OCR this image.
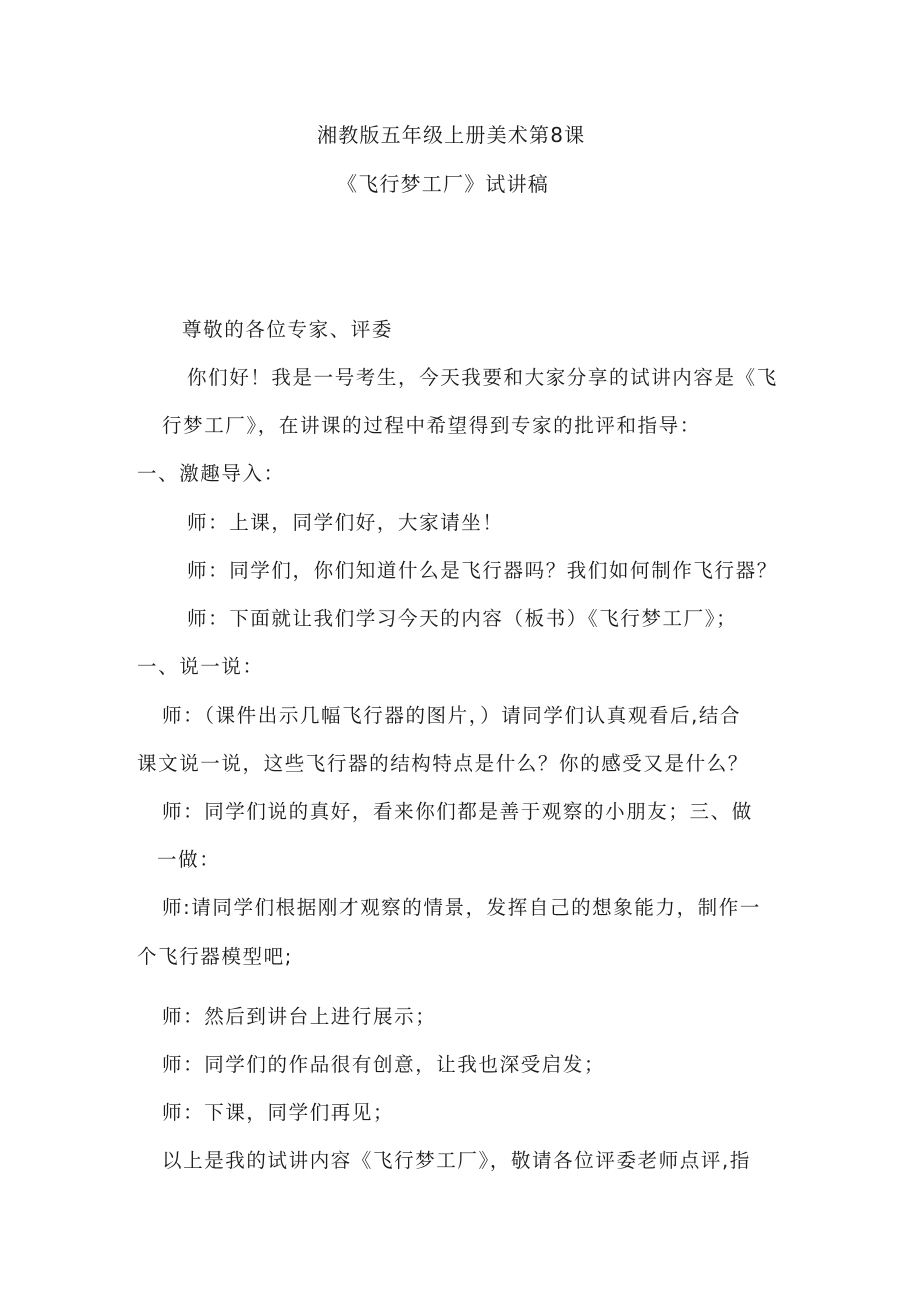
湘教版五年级上册美术第8课
《飞行梦工厂》试讲稿
尊敬的各位专家、评委
你们好！我是一号考生，今天我要和大家分享的试讲内容是《飞
行梦工厂》，在讲课的过程中希望得到专家的批评和指导：
一、激趣导入：
师：上课，同学们好，大家请坐！
师：同学们，你们知道什么是飞行器吗？我们如何制作飞行器？
师：下面就让我们学习今天的内容（板书）《飞行梦工厂》；
一、说一说：
师：（课件出示几幅飞行器的图片，）请同学们认真观看后,结合
课文说一说，这些飞行器的结构特点是什么？你的感受又是什么？
师：同学们说的真好，看来你们都是善于观察的小朋友；三、做
一做：
师:请同学们根据刚才观察的情景，发挥自己的想象能力，制作一
个飞行器模型吧;
师：然后到讲台上进行展示；
师：同学们的作品很有创意，让我也深受启发；
师：下课，同学们再见；
以上是我的试讲内容《飞行梦工厂》，敬请各位评委老师点评,指
